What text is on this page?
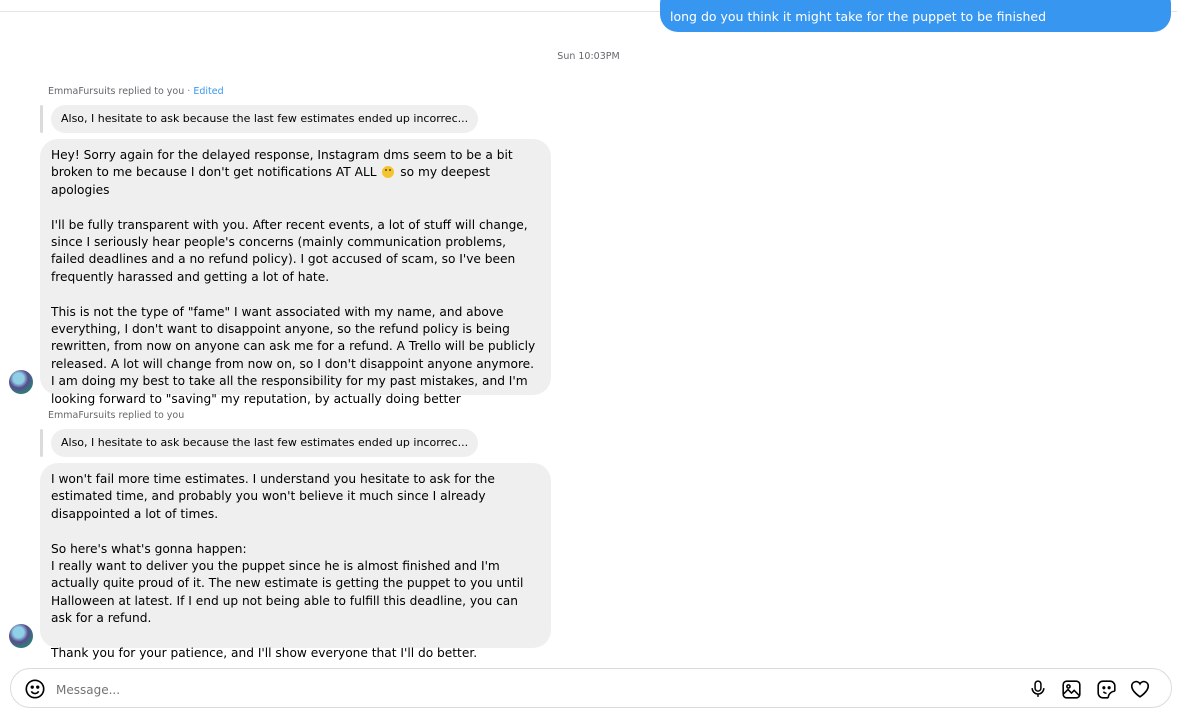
long do you think it might take for the puppet to be finished
Sun 10:03PM
EmmaFursuits replied to you · Edited
Also, I hesitate to ask because the last few estimates ended up incorrec...

Hey! Sorry again for the delayed response, Instagram dms seem to be a bit broken to me because I don't get notifications AT ALL so my deepest apologies

I'll be fully transparent with you. After recent events, a lot of stuff will change, since I seriously hear people's concerns (mainly communication problems, failed deadlines and a no refund policy). I got accused of scam, so I've been frequently harassed and getting a lot of hate.

This is not the type of "fame" I want associated with my name, and above everything, I don't want to disappoint anyone, so the refund policy is being rewritten, from now on anyone can ask me for a refund. A Trello will be publicly released. A lot will change from now on, so I don't disappoint anyone anymore. I am doing my best to take all the responsibility for my past mistakes, and I'm looking forward to "saving" my reputation, by actually doing better

EmmaFursuits replied to you
Also, I hesitate to ask because the last few estimates ended up incorrec...

I won't fail more time estimates. I understand you hesitate to ask for the estimated time, and probably you won't believe it much since I already disappointed a lot of times.

So here's what's gonna happen:

I really want to deliver you the puppet since he is almost finished and I'm actually quite proud of it. The new estimate is getting the puppet to you until Halloween at latest. If I end up not being able to fulfill this deadline, you can ask for a refund.

Thank you for your patience, and I'll show everyone that I'll do better.

Message...
